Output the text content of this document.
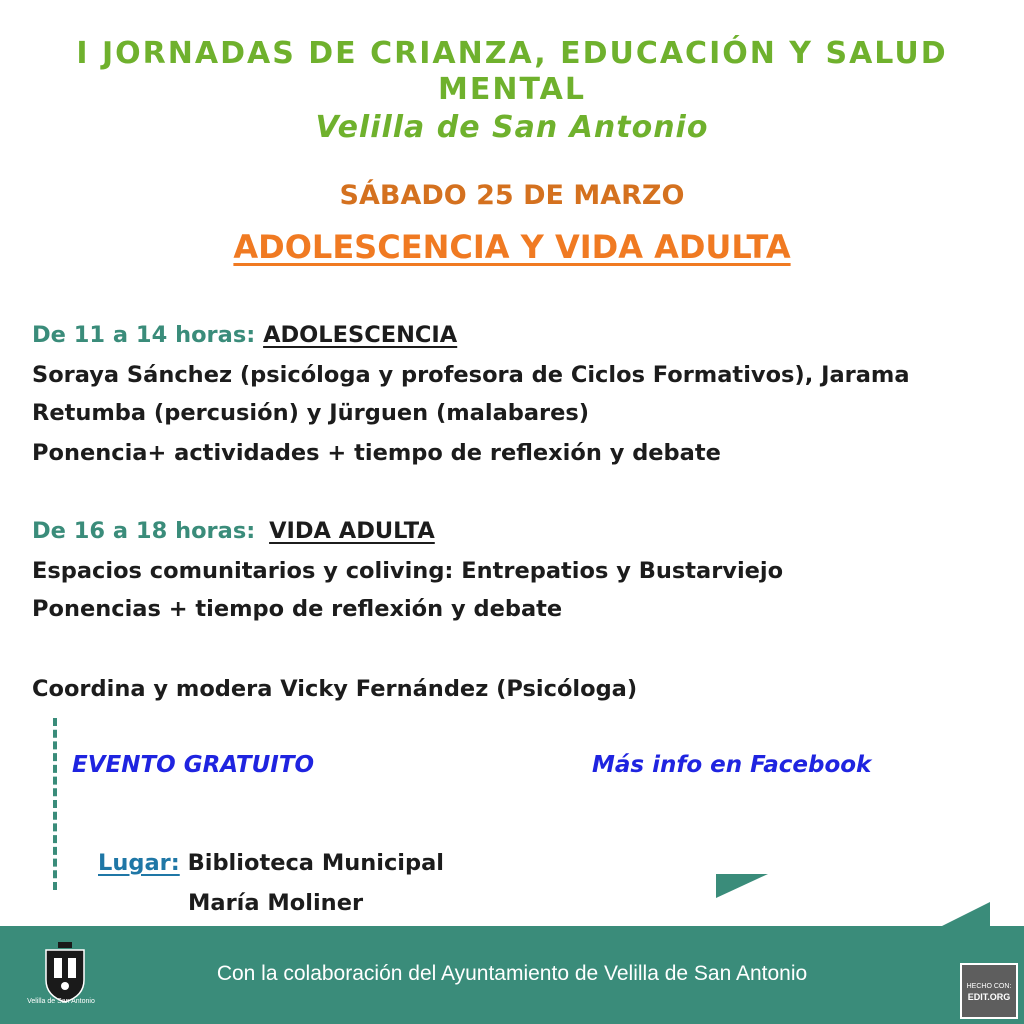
I JORNADAS DE CRIANZA, EDUCACIÓN Y SALUD
MENTAL
Velilla de San Antonio
SÁBADO 25 DE MARZO
ADOLESCENCIA Y VIDA ADULTA
De 11 a 14 horas: ADOLESCENCIA
Soraya Sánchez (psicóloga y profesora de Ciclos Formativos), Jarama
Retumba (percusión) y Jürguen (malabares)
Ponencia+ actividades + tiempo de reflexión y debate
De 16 a 18 horas: VIDA ADULTA
Espacios comunitarios y coliving: Entrepatios y Bustarviejo
Ponencias + tiempo de reflexión y debate
Coordina y modera Vicky Fernández (Psicóloga)
EVENTO GRATUITO	Más info en Facebook
Lugar: Biblioteca Municipal
María Moliner
Con la colaboración del Ayuntamiento de Velilla de San Antonio
Velilla de San Antonio
HECHO CON:
EDIT.ORG
